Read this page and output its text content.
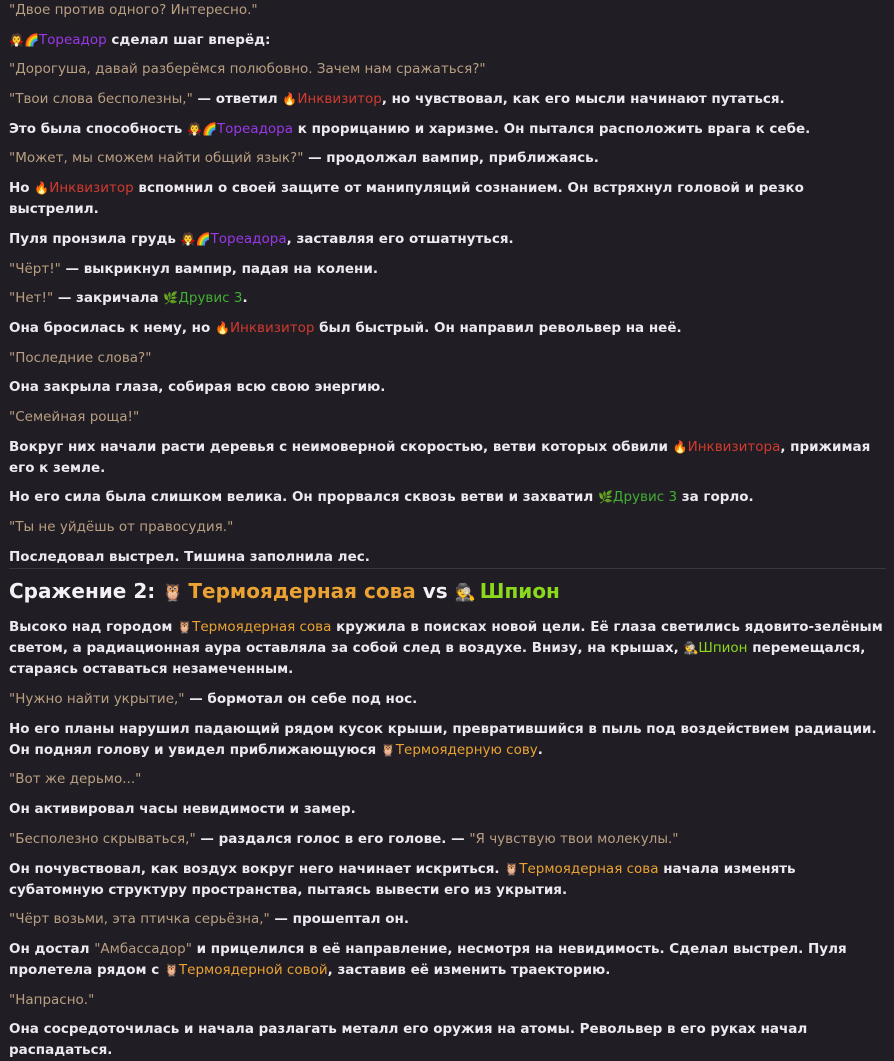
"Двое против одного? Интересно."

🧛🌈Тореадор сделал шаг вперёд:

"Дорогуша, давай разберёмся полюбовно. Зачем нам сражаться?"

"Твои слова бесполезны," — ответил 🔥Инквизитор, но чувствовал, как его мысли начинают путаться.

Это была способность 🧛🌈Тореадора к прорицанию и харизме. Он пытался расположить врага к себе.

"Может, мы сможем найти общий язык?" — продолжал вампир, приближаясь.

Но 🔥Инквизитор вспомнил о своей защите от манипуляций сознанием. Он встряхнул головой и резко выстрелил.

Пуля пронзила грудь 🧛🌈Тореадора, заставляя его отшатнуться.

"Чёрт!" — выкрикнул вампир, падая на колени.

"Нет!" — закричала 🌿Друвис 3.

Она бросилась к нему, но 🔥Инквизитор был быстрый. Он направил револьвер на неё.

"Последние слова?"

Она закрыла глаза, собирая всю свою энергию.

"Семейная роща!"

Вокруг них начали расти деревья с неимоверной скоростью, ветви которых обвили 🔥Инквизитора, прижимая его к земле.

Но его сила была слишком велика. Он прорвался сквозь ветви и захватил 🌿Друвис 3 за горло.

"Ты не уйдёшь от правосудия."

Последовал выстрел. Тишина заполнила лес.

Сражение 2: 🦉 Термоядерная сова vs 🕵 Шпион

Высоко над городом 🦉Термоядерная сова кружила в поисках новой цели. Её глаза светились ядовито-зелёным светом, а радиационная аура оставляла за собой след в воздухе. Внизу, на крышах, 🕵Шпион перемещался, стараясь оставаться незамеченным.

"Нужно найти укрытие," — бормотал он себе под нос.

Но его планы нарушил падающий рядом кусок крыши, превратившийся в пыль под воздействием радиации. Он поднял голову и увидел приближающуюся 🦉Термоядерную сову.

"Вот же дерьмо..."

Он активировал часы невидимости и замер.

"Бесполезно скрываться," — раздался голос в его голове. — "Я чувствую твои молекулы."

Он почувствовал, как воздух вокруг него начинает искриться. 🦉Термоядерная сова начала изменять субатомную структуру пространства, пытаясь вывести его из укрытия.

"Чёрт возьми, эта птичка серьёзна," — прошептал он.

Он достал "Амбассадор" и прицелился в её направление, несмотря на невидимость. Сделал выстрел. Пуля пролетела рядом с 🦉Термоядерной совой, заставив её изменить траекторию.

"Напрасно."

Она сосредоточилась и начала разлагать металл его оружия на атомы. Револьвер в его руках начал распадаться.
